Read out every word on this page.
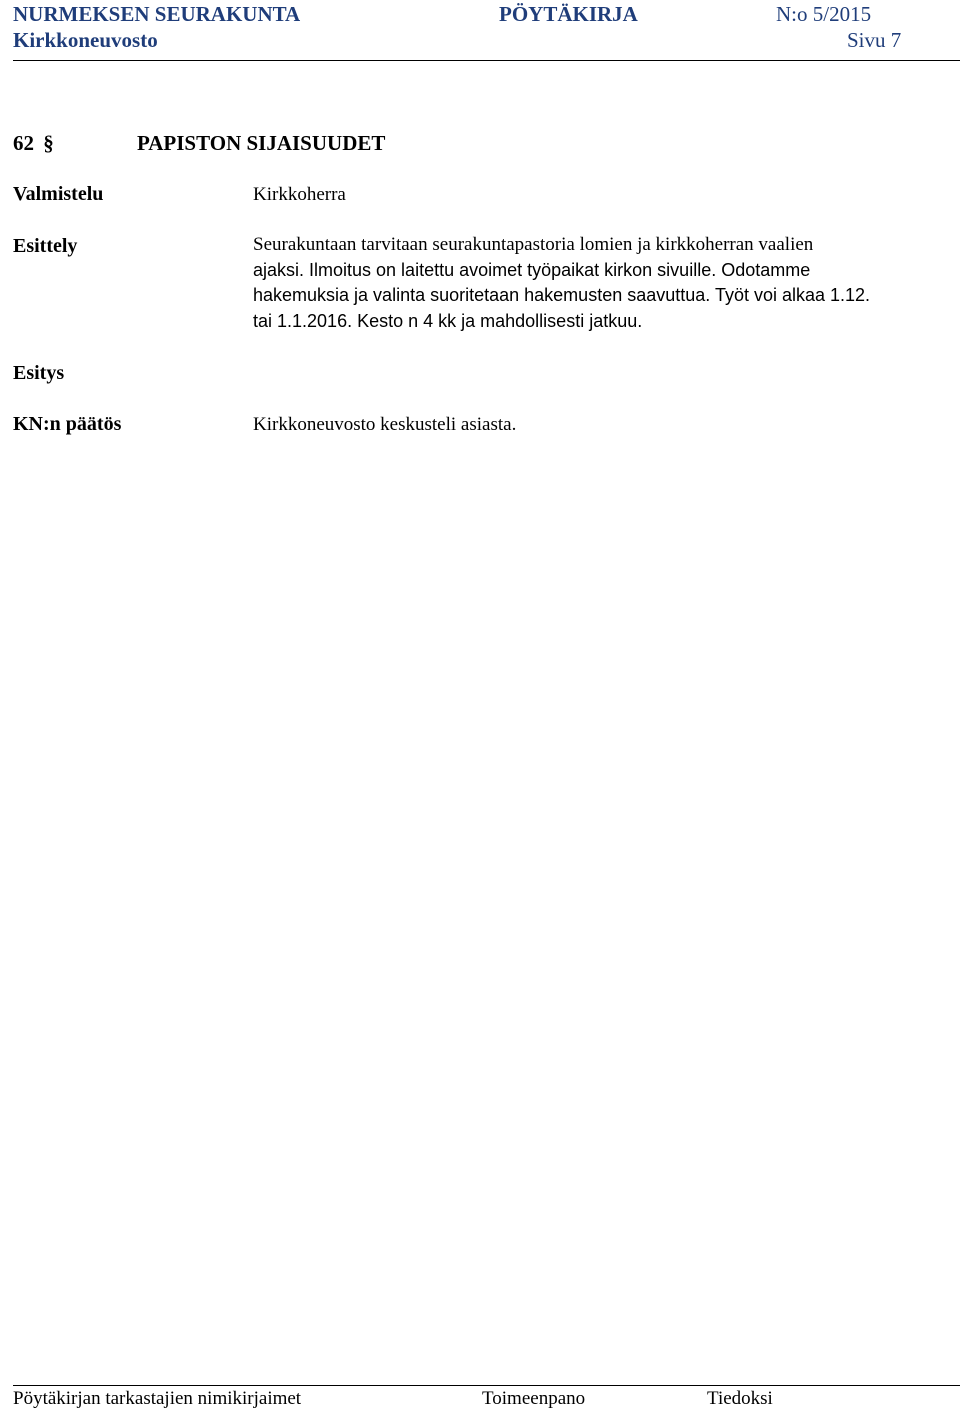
NURMEKSEN SEURAKUNTA	PÖYTÄKIRJA	N:o 5/2015
Kirkkoneuvosto	Sivu 7
62 §	PAPISTON SIJAISUUDET
Valmistelu	Kirkkoherra
Esittely	Seurakuntaan tarvitaan seurakuntapastoria lomien ja kirkkoherran vaalien
ajaksi. Ilmoitus on laitettu avoimet työpaikat kirkon sivuille. Odotamme
hakemuksia ja valinta suoritetaan hakemusten saavuttua. Työt voi alkaa 1.12.
tai 1.1.2016. Kesto n 4 kk ja mahdollisesti jatkuu.
Esitys
KN:n päätös	Kirkkoneuvosto keskusteli asiasta.
Pöytäkirjan tarkastajien nimikirjaimet	Toimeenpano	Tiedoksi
